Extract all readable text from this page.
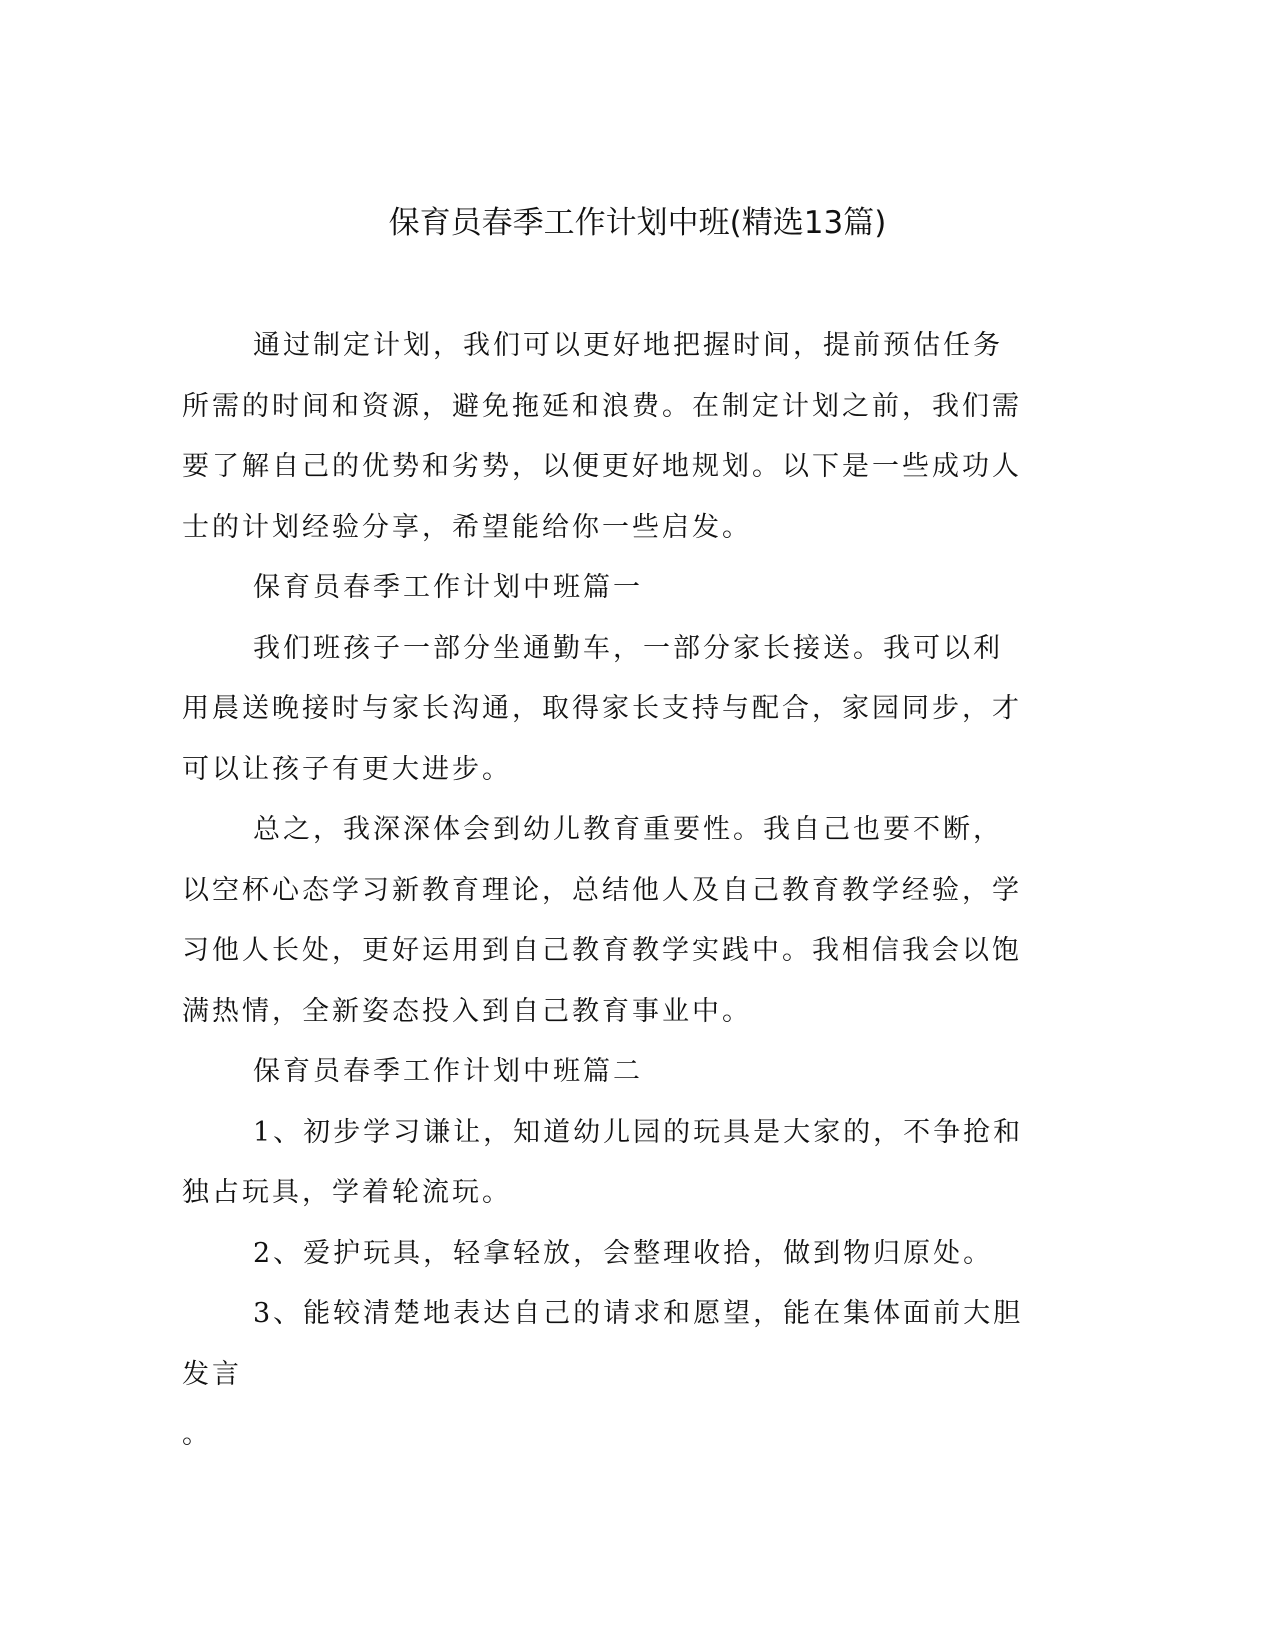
保育员春季工作计划中班(精选13篇)

通过制定计划，我们可以更好地把握时间，提前预估任务所需的时间和资源，避免拖延和浪费。在制定计划之前，我们需要了解自己的优势和劣势，以便更好地规划。以下是一些成功人士的计划经验分享，希望能给你一些启发。

保育员春季工作计划中班篇一

我们班孩子一部分坐通勤车，一部分家长接送。我可以利用晨送晚接时与家长沟通，取得家长支持与配合，家园同步，才可以让孩子有更大进步。

总之，我深深体会到幼儿教育重要性。我自己也要不断，以空杯心态学习新教育理论，总结他人及自己教育教学经验，学习他人长处，更好运用到自己教育教学实践中。我相信我会以饱满热情，全新姿态投入到自己教育事业中。

保育员春季工作计划中班篇二

1、初步学习谦让，知道幼儿园的玩具是大家的，不争抢和独占玩具，学着轮流玩。

2、爱护玩具，轻拿轻放，会整理收拾，做到物归原处。

3、能较清楚地表达自己的请求和愿望，能在集体面前大胆发言

。
